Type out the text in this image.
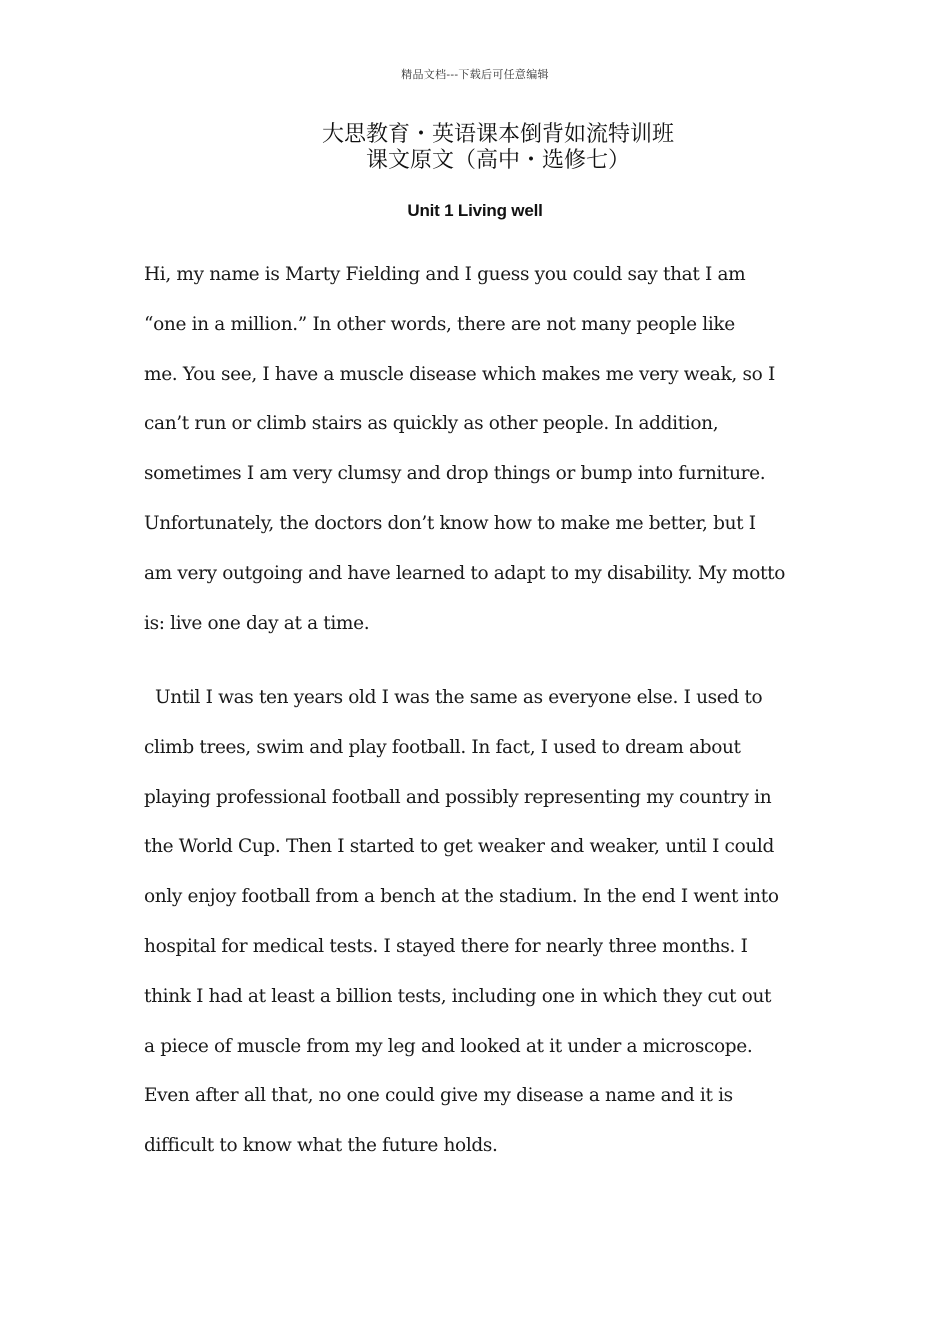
精品文档---下载后可任意编辑

大思教育・英语课本倒背如流特训班

课文原文（高中・选修七）

Unit 1 Living well

Hi, my name is Marty Fielding and I guess you could say that I am

“one in a million.” In other words, there are not many people like

me. You see, I have a muscle disease which makes me very weak, so I

can’t run or climb stairs as quickly as other people. In addition,

sometimes I am very clumsy and drop things or bump into furniture.

Unfortunately, the doctors don’t know how to make me better, but I

am very outgoing and have learned to adapt to my disability. My motto

is: live one day at a time.

Until I was ten years old I was the same as everyone else. I used to

climb trees, swim and play football. In fact, I used to dream about

playing professional football and possibly representing my country in

the World Cup. Then I started to get weaker and weaker, until I could

only enjoy football from a bench at the stadium. In the end I went into

hospital for medical tests. I stayed there for nearly three months. I

think I had at least a billion tests, including one in which they cut out

a piece of muscle from my leg and looked at it under a microscope.

Even after all that, no one could give my disease a name and it is

difficult to know what the future holds.
